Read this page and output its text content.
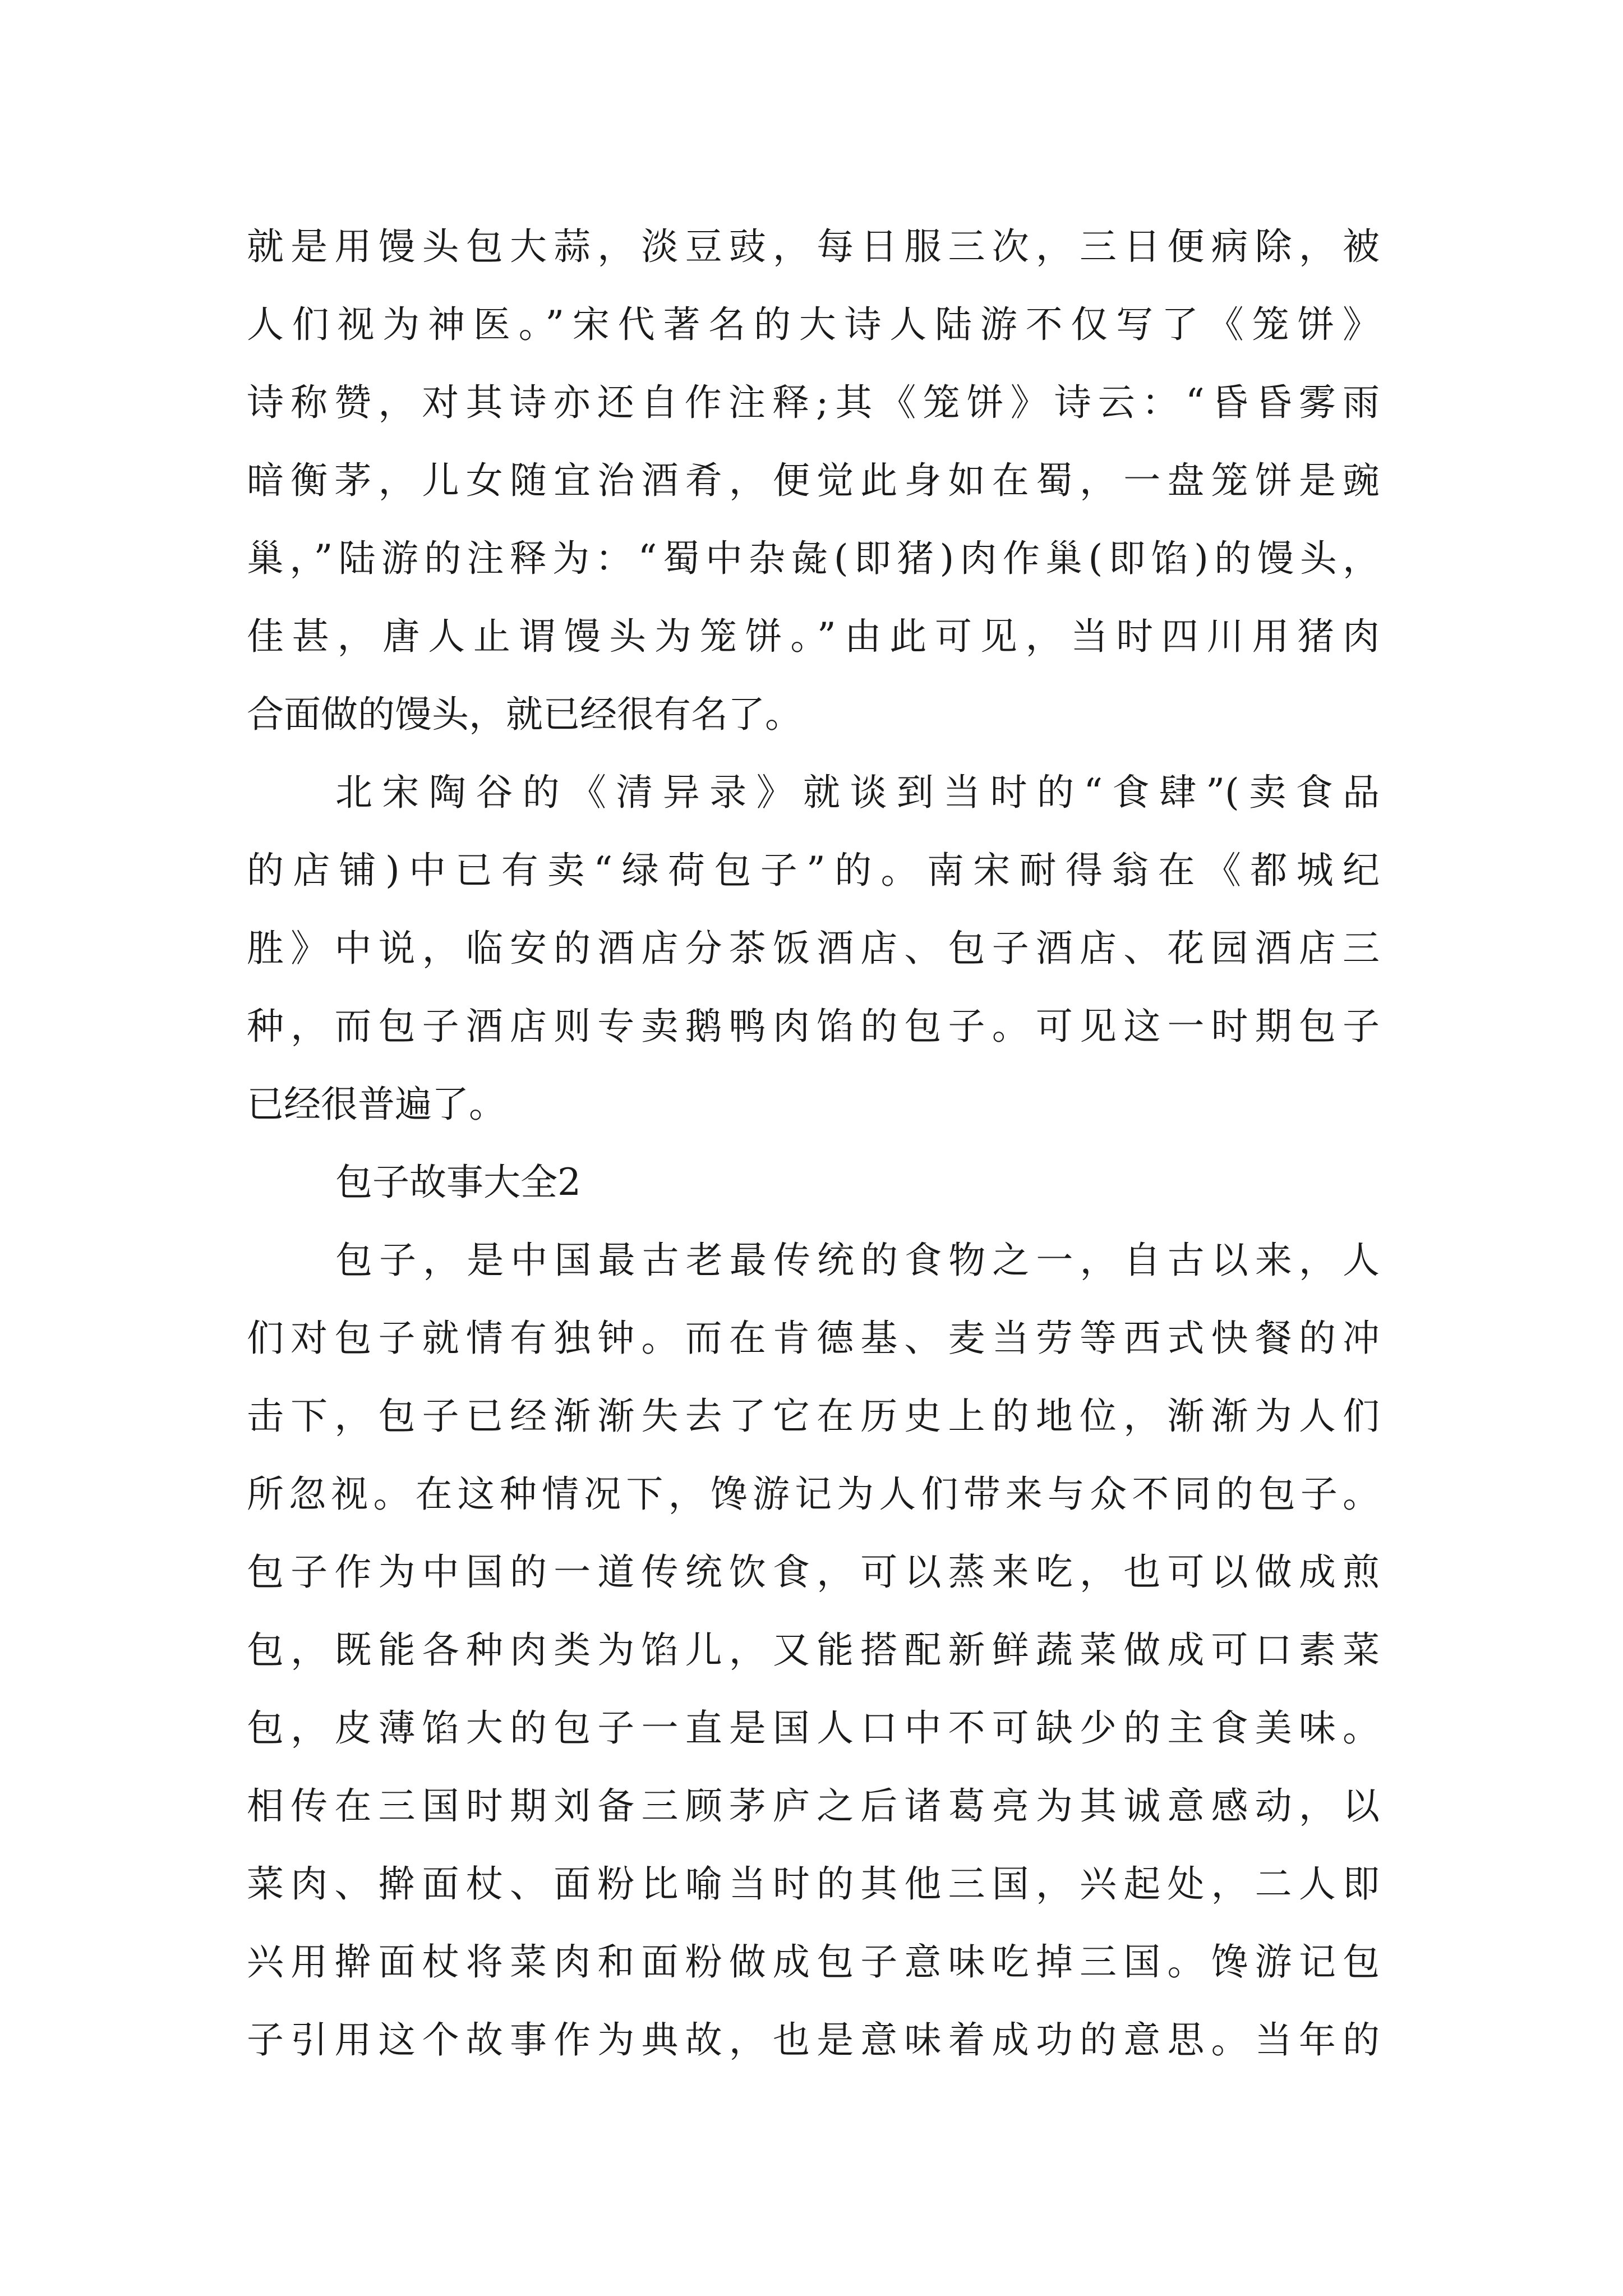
就是用馒头包大蒜，淡豆豉，每日服三次，三日便病除，被
人们视为神医。”宋代著名的大诗人陆游不仅写了《笼饼》
诗称赞，对其诗亦还自作注释;其《笼饼》诗云：“昏昏雾雨
暗衡茅，儿女随宜治酒肴，便觉此身如在蜀，一盘笼饼是豌
巢，”陆游的注释为：“蜀中杂彘(即猪)肉作巢(即馅)的馒头，
佳甚，唐人止谓馒头为笼饼。”由此可见，当时四川用猪肉
合面做的馒头，就已经很有名了。
北宋陶谷的《清异录》就谈到当时的“食肆”(卖食品
的店铺)中已有卖“绿荷包子”的。南宋耐得翁在《都城纪
胜》中说，临安的酒店分茶饭酒店、包子酒店、花园酒店三
种，而包子酒店则专卖鹅鸭肉馅的包子。可见这一时期包子
已经很普遍了。
包子故事大全2
包子，是中国最古老最传统的食物之一，自古以来，人
们对包子就情有独钟。而在肯德基、麦当劳等西式快餐的冲
击下，包子已经渐渐失去了它在历史上的地位，渐渐为人们
所忽视。在这种情况下，馋游记为人们带来与众不同的包子。
包子作为中国的一道传统饮食，可以蒸来吃，也可以做成煎
包，既能各种肉类为馅儿，又能搭配新鲜蔬菜做成可口素菜
包，皮薄馅大的包子一直是国人口中不可缺少的主食美味。
相传在三国时期刘备三顾茅庐之后诸葛亮为其诚意感动，以
菜肉、擀面杖、面粉比喻当时的其他三国，兴起处，二人即
兴用擀面杖将菜肉和面粉做成包子意味吃掉三国。馋游记包
子引用这个故事作为典故，也是意味着成功的意思。当年的
